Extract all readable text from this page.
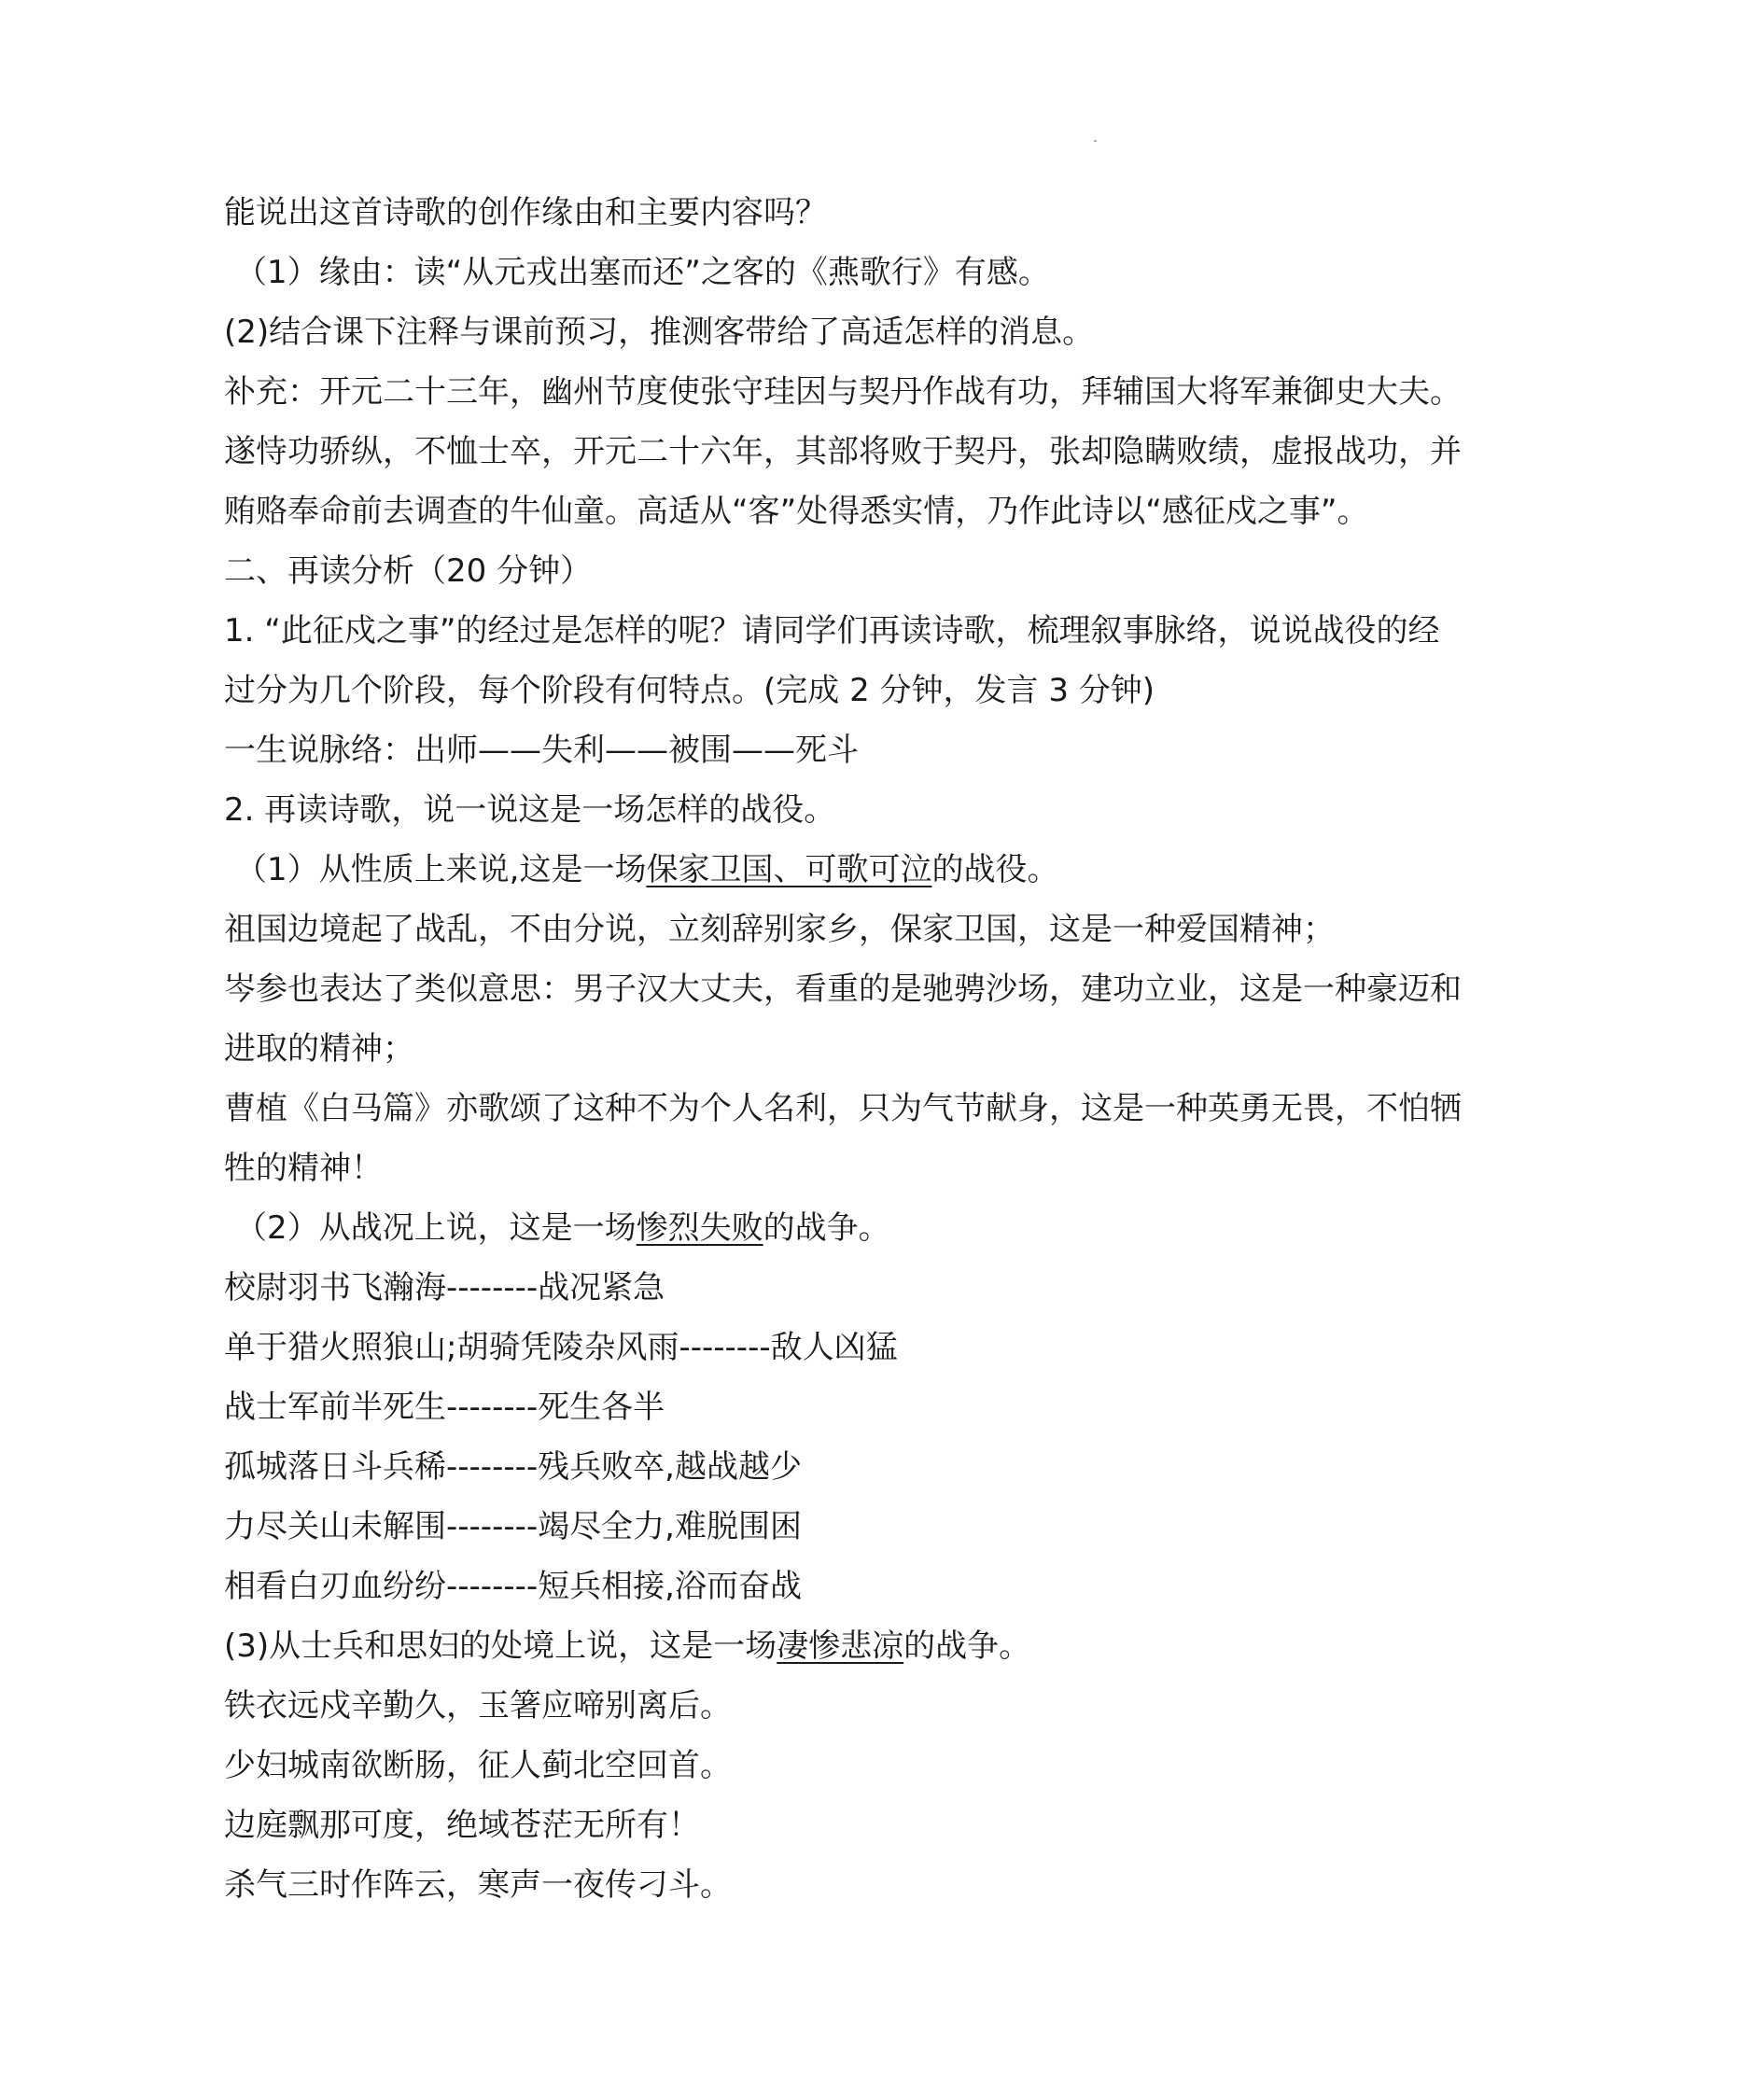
能说出这首诗歌的创作缘由和主要内容吗？
（1）缘由：读“从元戎出塞而还”之客的《燕歌行》有感。
(2)结合课下注释与课前预习，推测客带给了高适怎样的消息。
补充：开元二十三年，幽州节度使张守珪因与契丹作战有功，拜辅国大将军兼御史大夫。
遂恃功骄纵，不恤士卒，开元二十六年，其部将败于契丹，张却隐瞒败绩，虚报战功，并
贿赂奉命前去调查的牛仙童。高适从“客”处得悉实情，乃作此诗以“感征戍之事”。
二、再读分析（20 分钟）
1. “此征戍之事”的经过是怎样的呢？请同学们再读诗歌，梳理叙事脉络，说说战役的经
过分为几个阶段，每个阶段有何特点。(完成 2 分钟，发言 3 分钟)
一生说脉络：出师——失利——被围——死斗
2. 再读诗歌，说一说这是一场怎样的战役。
（1）从性质上来说,这是一场保家卫国、可歌可泣的战役。
祖国边境起了战乱，不由分说，立刻辞别家乡，保家卫国，这是一种爱国精神；
岑参也表达了类似意思：男子汉大丈夫，看重的是驰骋沙场，建功立业，这是一种豪迈和
进取的精神；
曹植《白马篇》亦歌颂了这种不为个人名利，只为气节献身，这是一种英勇无畏，不怕牺
牲的精神！
（2）从战况上说，这是一场惨烈失败的战争。
校尉羽书飞瀚海--------战况紧急
单于猎火照狼山;胡骑凭陵杂风雨--------敌人凶猛
战士军前半死生--------死生各半
孤城落日斗兵稀--------残兵败卒,越战越少
力尽关山未解围--------竭尽全力,难脱围困
相看白刃血纷纷--------短兵相接,浴而奋战
(3)从士兵和思妇的处境上说，这是一场凄惨悲凉的战争。
铁衣远戍辛勤久，玉箸应啼别离后。
少妇城南欲断肠，征人蓟北空回首。
边庭飘那可度，绝域苍茫无所有！
杀气三时作阵云，寒声一夜传刁斗。
